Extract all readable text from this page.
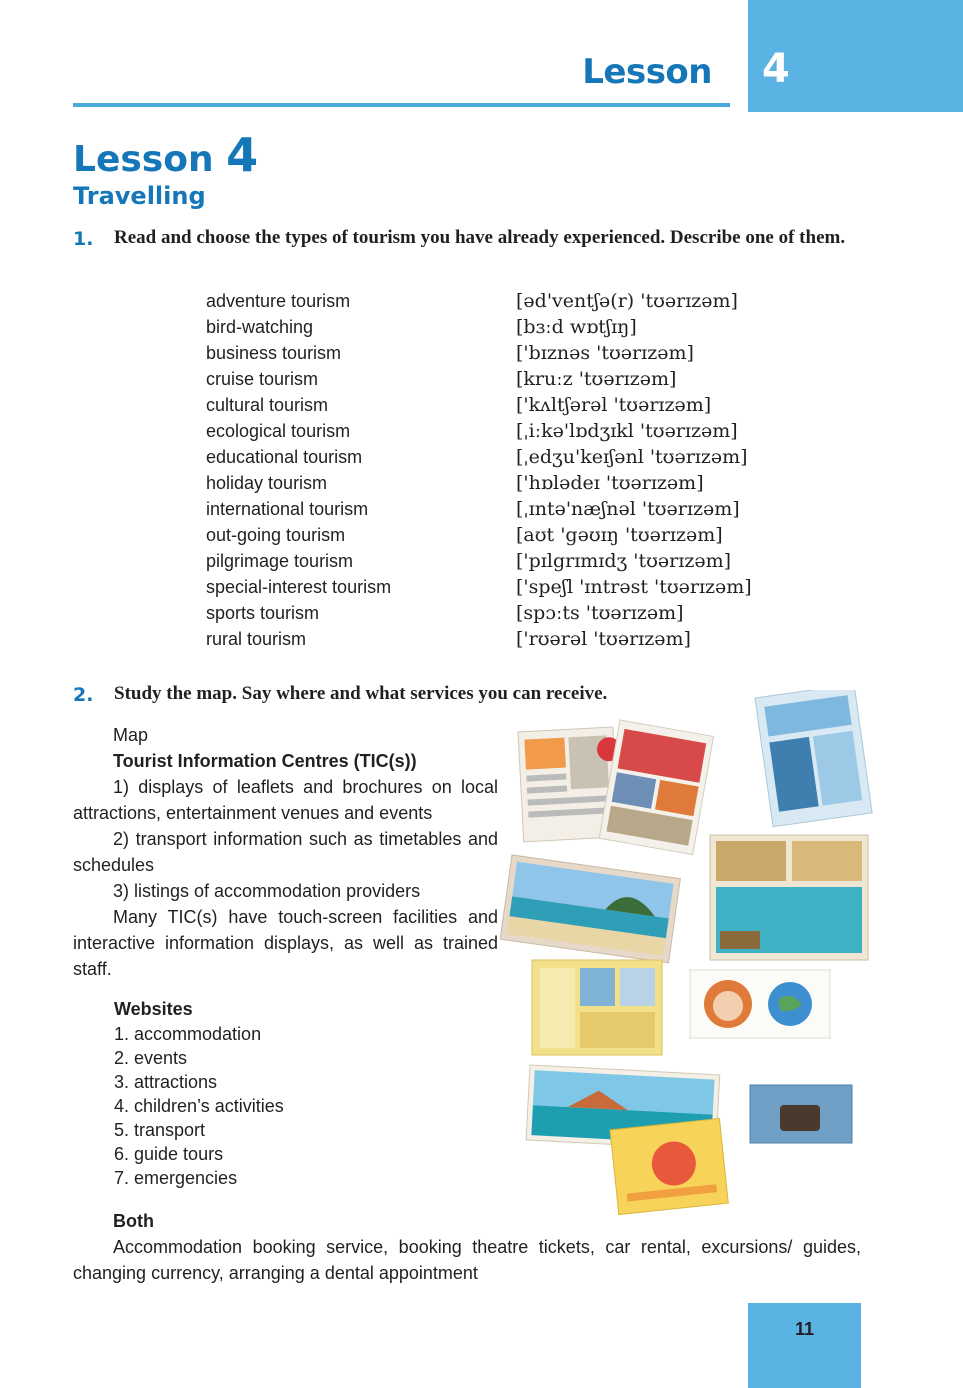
Lesson 4
Lesson 4
Travelling
1. Read and choose the types of tourism you have already experienced. Describe one of them.
adventure tourism
bird-watching
business tourism
cruise tourism
cultural tourism
ecological tourism
educational tourism
holiday tourism
international tourism
out-going tourism
pilgrimage tourism
special-interest tourism
sports tourism
rural tourism
[əd'ventʃə(r) 'tʊərɪzəm]
[bɜːd wɒtʃɪŋ]
['bɪznəs 'tʊərɪzəm]
[kruːz 'tʊərɪzəm]
['kʌltʃərəl 'tʊərɪzəm]
[ˌiːkə'lɒdʒɪkl 'tʊərɪzəm]
[ˌedʒu'keɪʃənl 'tʊərɪzəm]
['hɒlədeɪ 'tʊərɪzəm]
[ˌɪntə'næʃnəl 'tʊərɪzəm]
[aʊt 'gəʊɪŋ 'tʊərɪzəm]
['pɪlgrɪmɪdʒ 'tʊərɪzəm]
['speʃl 'ɪntrəst 'tʊərɪzəm]
[spɔːts 'tʊərɪzəm]
['rʊərəl 'tʊərɪzəm]
2. Study the map. Say where and what services you can receive.

Map

Tourist Information Centres (TIC(s))

1) displays of leaflets and brochures on local attractions, entertainment venues and events

2) transport information such as timetables and schedules

3) listings of accommodation providers

Many TIC(s) have touch-screen facilities and interactive information displays, as well as trained staff.

Websites
1. accommodation
2. events
3. attractions
4. children’s activities
5. transport
6. guide tours
7. emergencies

Both

Accommodation booking service, booking theatre tickets, car rental, excursions/ guides, changing currency, arranging a dental appointment

11
